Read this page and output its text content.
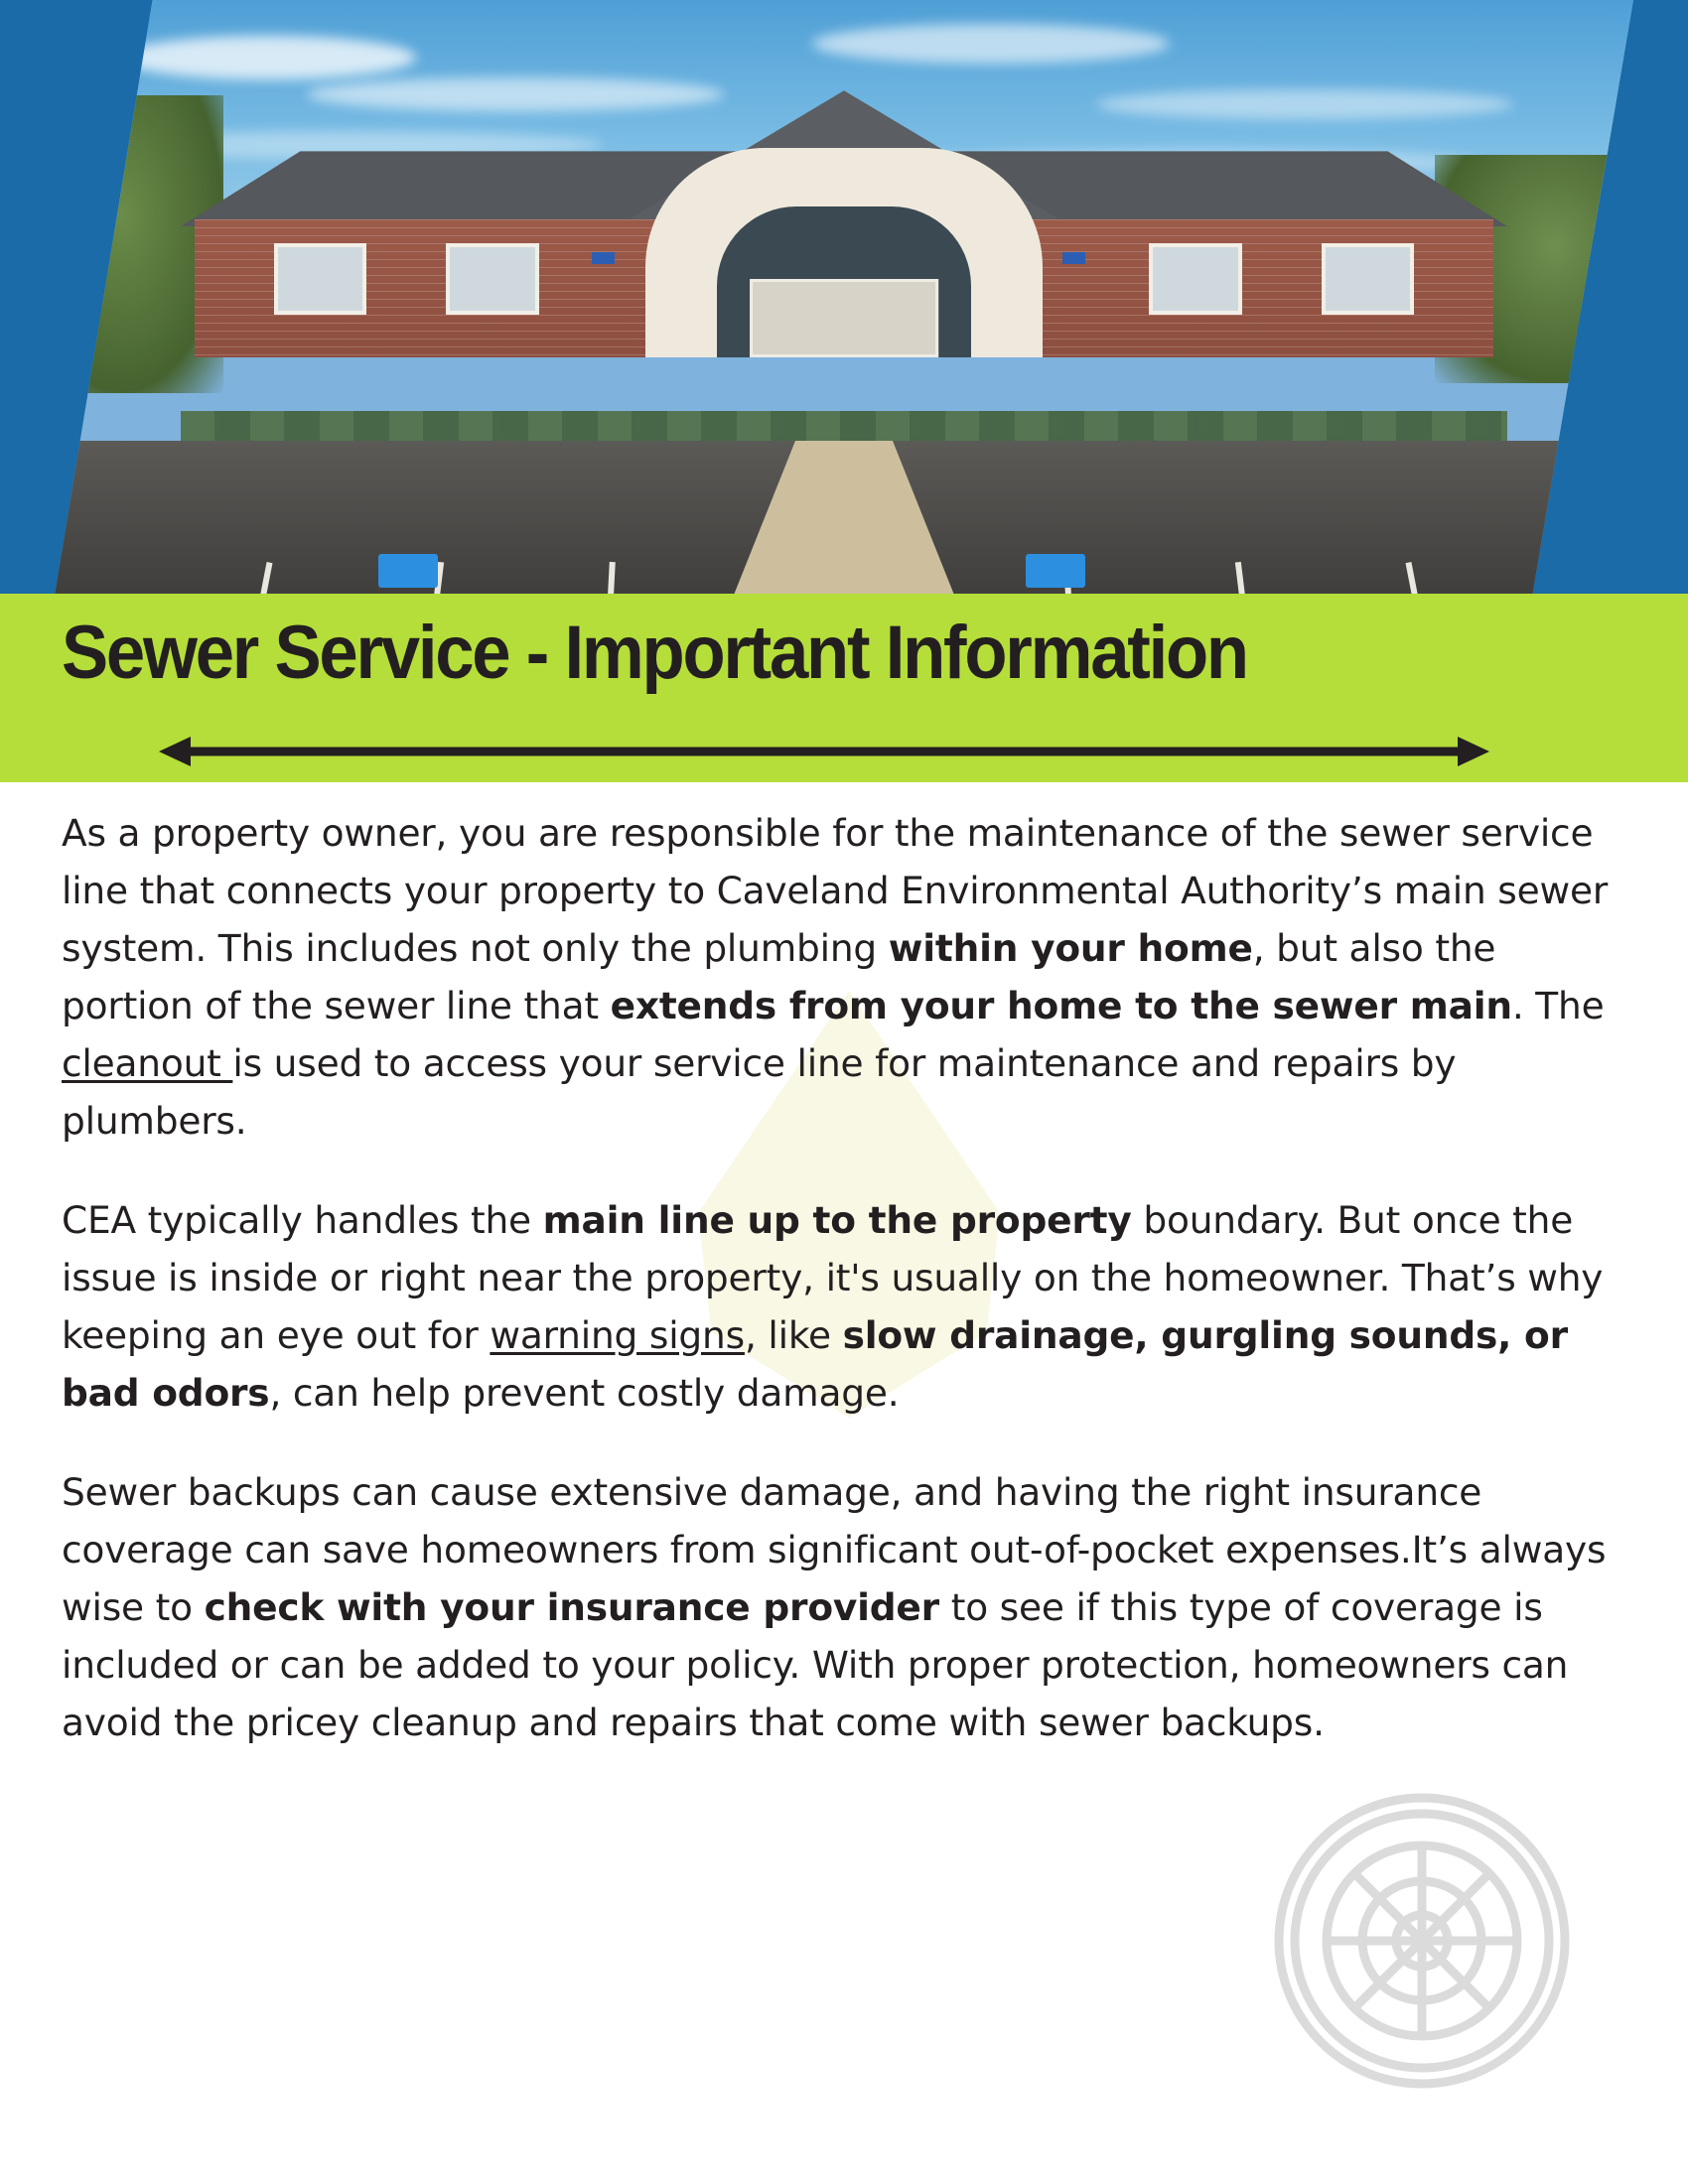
Sewer Service - Important Information

As a property owner, you are responsible for the maintenance of the sewer service line that connects your property to Caveland Environmental Authority’s main sewer system. This includes not only the plumbing within your home, but also the portion of the sewer line that extends from your home to the sewer main. The cleanout is used to access your service line for maintenance and repairs by plumbers.

CEA typically handles the main line up to the property boundary. But once the issue is inside or right near the property, it's usually on the homeowner. That’s why keeping an eye out for warning signs, like slow drainage, gurgling sounds, or bad odors, can help prevent costly damage.

Sewer backups can cause extensive damage, and having the right insurance coverage can save homeowners from significant out-of-pocket expenses.It’s always wise to check with your insurance provider to see if this type of coverage is included or can be added to your policy. With proper protection, homeowners can avoid the pricey cleanup and repairs that come with sewer backups.
